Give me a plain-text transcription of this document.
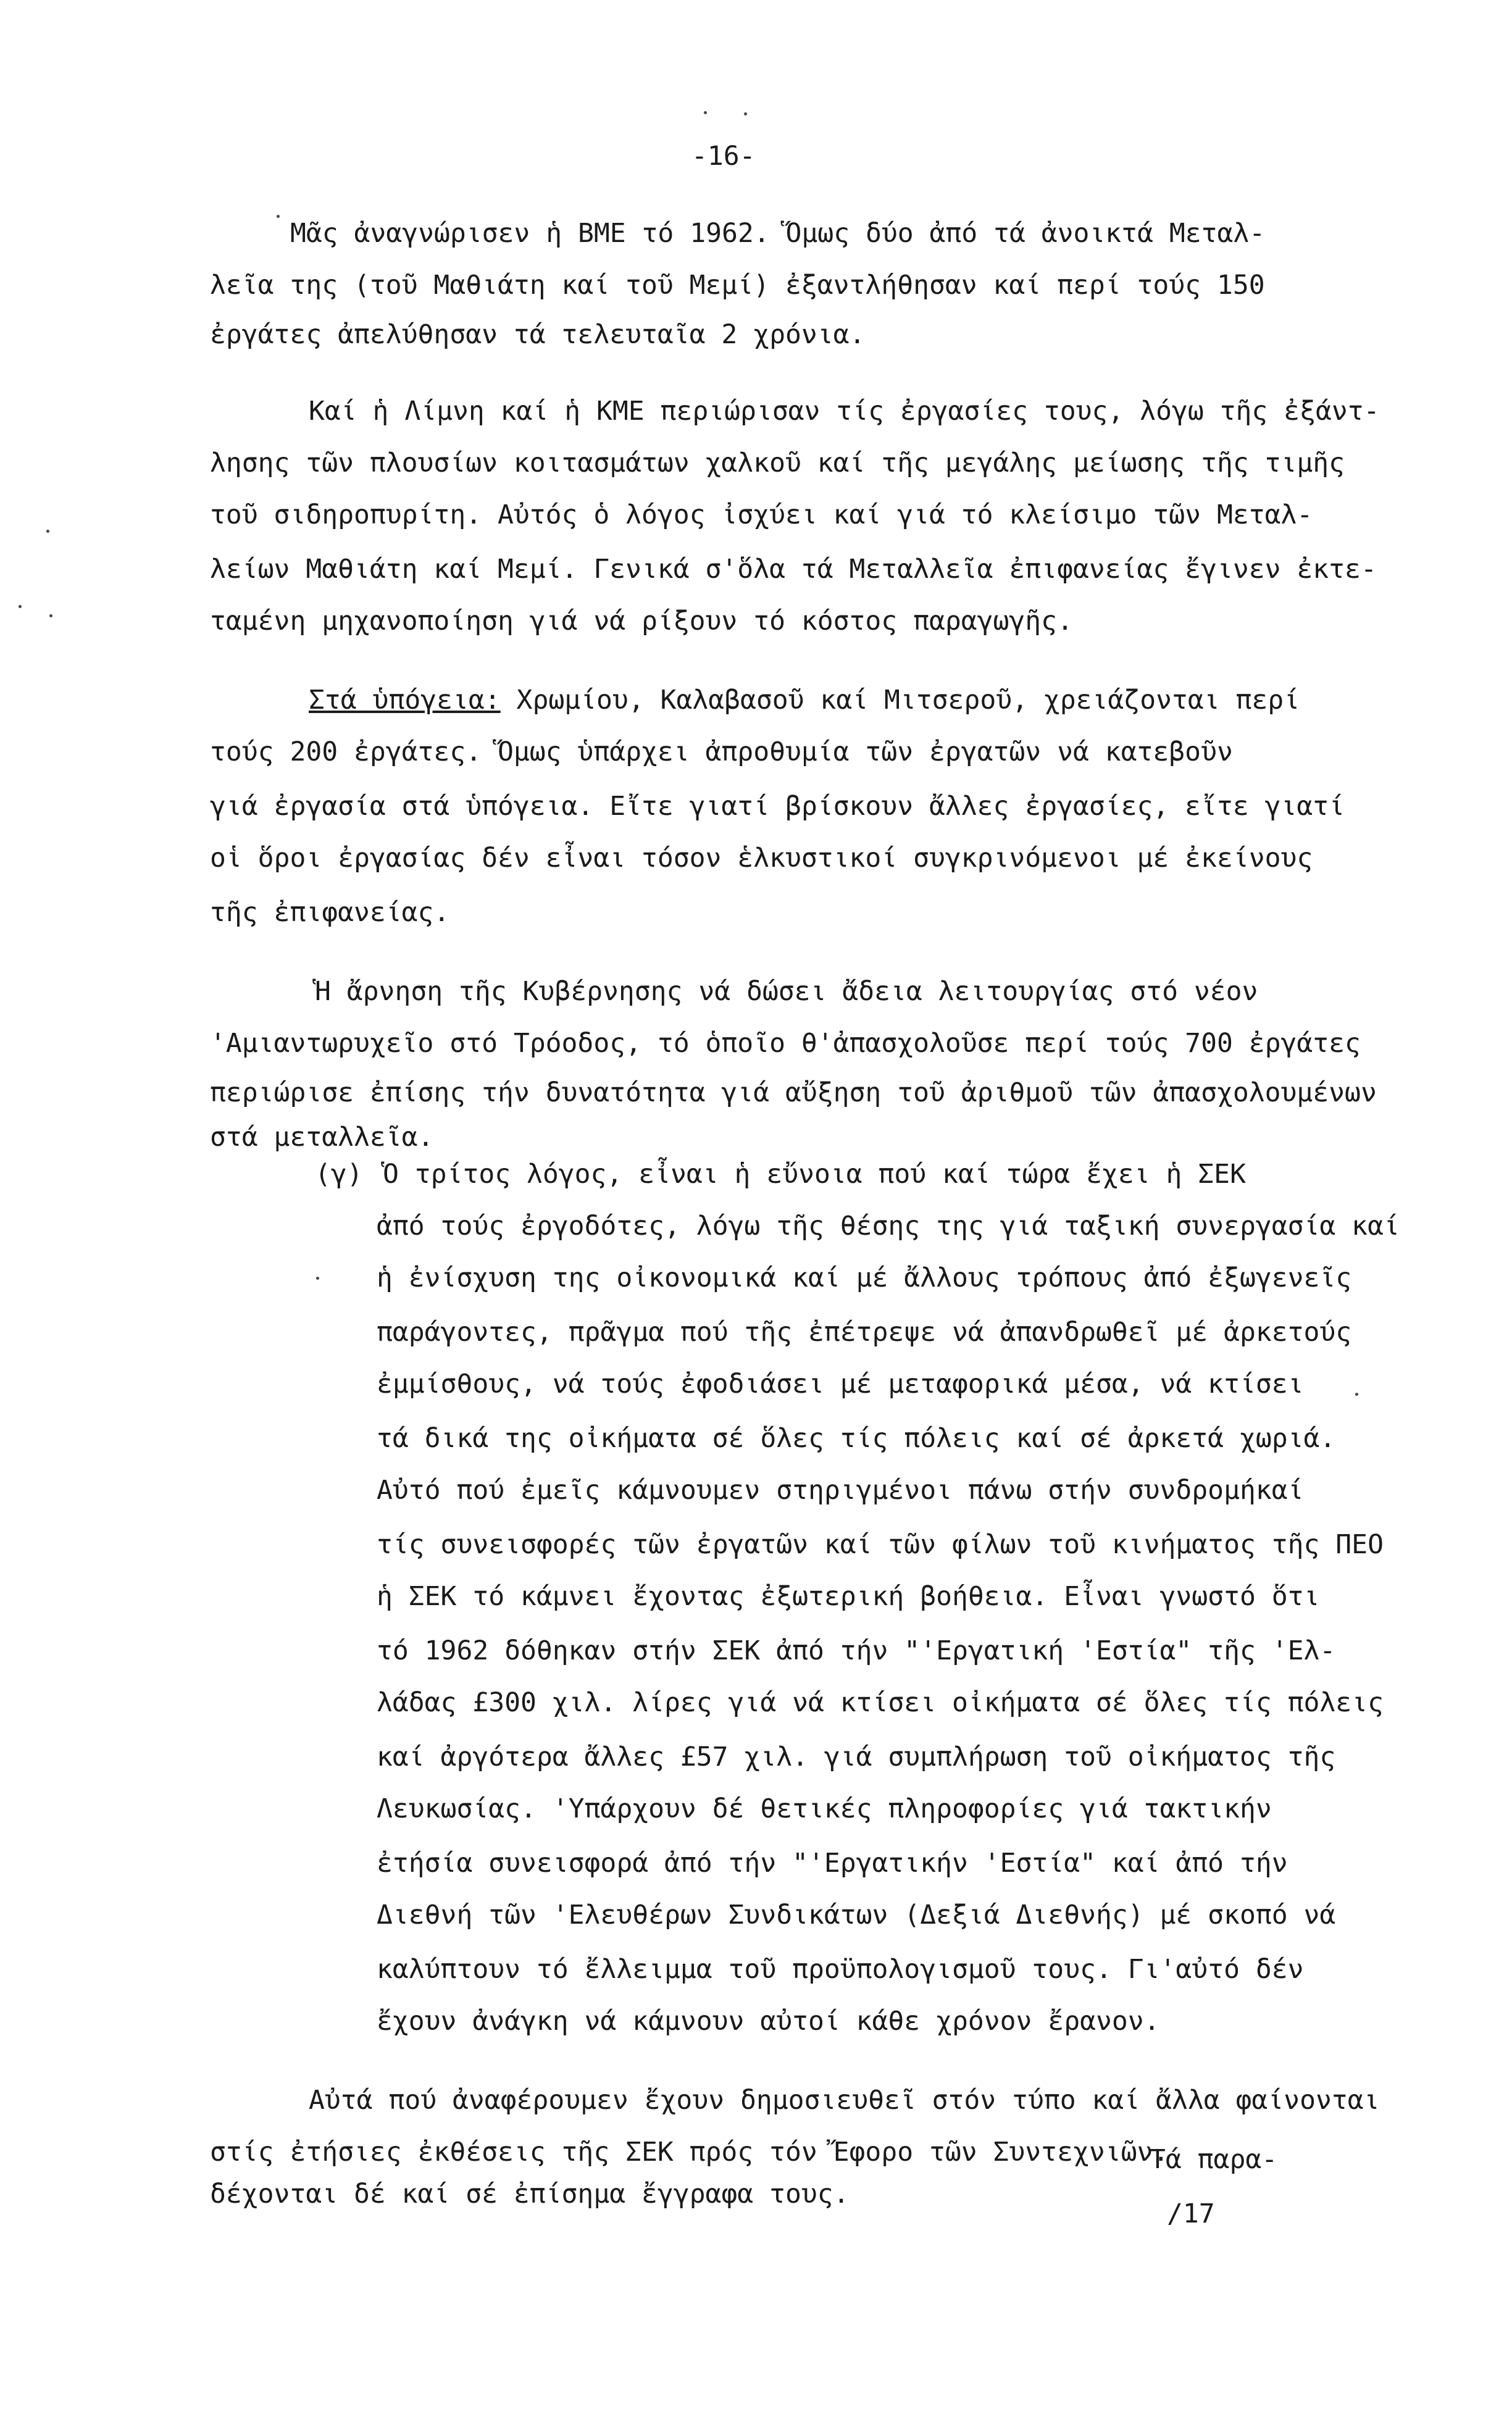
-16-
Μᾶς ἀναγνώρισεν ἡ ΒΜΕ τό 1962. Ὅμως δύο ἀπό τά ἀνοικτά Μεταλ-
λεῖα της (τοῦ Μαθιάτη καί τοῦ Μεμί) ἐξαντλήθησαν καί περί τούς 150
ἐργάτες ἀπελύθησαν τά τελευταῖα 2 χρόνια.
Καί ἡ Λίμνη καί ἡ ΚΜΕ περιώρισαν τίς ἐργασίες τους, λόγω τῆς ἐξάντ-
λησης τῶν πλουσίων κοιτασμάτων χαλκοῦ καί τῆς μεγάλης μείωσης τῆς τιμῆς
τοῦ σιδηροπυρίτη. Αὐτός ὁ λόγος ἰσχύει καί γιά τό κλείσιμο τῶν Μεταλ-
λείων Μαθιάτη καί Μεμί. Γενικά σ'ὅλα τά Μεταλλεῖα ἐπιφανείας ἔγινεν ἐκτε-
ταμένη μηχανοποίηση γιά νά ρίξουν τό κόστος παραγωγῆς.
Στά ὑπόγεια: Χρωμίου, Καλαβασοῦ καί Μιτσεροῦ, χρειάζονται περί
τούς 200 ἐργάτες. Ὅμως ὑπάρχει ἀπροθυμία τῶν ἐργατῶν νά κατεβοῦν
γιά ἐργασία στά ὑπόγεια. Εἴτε γιατί βρίσκουν ἄλλες ἐργασίες, εἴτε γιατί
οἱ ὅροι ἐργασίας δέν εἶναι τόσον ἑλκυστικοί συγκρινόμενοι μέ ἐκείνους
τῆς ἐπιφανείας.
Ἡ ἄρνηση τῆς Κυβέρνησης νά δώσει ἄδεια λειτουργίας στό νέον
'Αμιαντωρυχεῖο στό Τρόοδος, τό ὁποῖο θ'ἀπασχολοῦσε περί τούς 700 ἐργάτες
περιώρισε ἐπίσης τήν δυνατότητα γιά αὔξηση τοῦ ἀριθμοῦ τῶν ἀπασχολουμένων
στά μεταλλεῖα.
(γ) Ὁ τρίτος λόγος, εἶναι ἡ εὔνοια πού καί τώρα ἔχει ἡ ΣΕΚ
ἀπό τούς ἐργοδότες, λόγω τῆς θέσης της γιά ταξική συνεργασία καί
ἡ ἐνίσχυση της οἰκονομικά καί μέ ἄλλους τρόπους ἀπό ἐξωγενεῖς
παράγοντες, πρᾶγμα πού τῆς ἐπέτρεψε νά ἀπανδρωθεῖ μέ ἀρκετούς
ἐμμίσθους, νά τούς ἐφοδιάσει μέ μεταφορικά μέσα, νά κτίσει
τά δικά της οἰκήματα σέ ὅλες τίς πόλεις καί σέ ἀρκετά χωριά.
Αὐτό πού ἐμεῖς κάμνουμεν στηριγμένοι πάνω στήν συνδρομήκαί
τίς συνεισφορές τῶν ἐργατῶν καί τῶν φίλων τοῦ κινήματος τῆς ΠΕΟ
ἡ ΣΕΚ τό κάμνει ἔχοντας ἐξωτερική βοήθεια. Εἶναι γνωστό ὅτι
τό 1962 δόθηκαν στήν ΣΕΚ ἀπό τήν "'Εργατική 'Εστία" τῆς 'Ελ-
λάδας £300 χιλ. λίρες γιά νά κτίσει οἰκήματα σέ ὅλες τίς πόλεις
καί ἀργότερα ἄλλες £57 χιλ. γιά συμπλήρωση τοῦ οἰκήματος τῆς
Λευκωσίας. 'Υπάρχουν δέ θετικές πληροφορίες γιά τακτικήν
ἐτήσία συνεισφορά ἀπό τήν "'Εργατικήν 'Εστία" καί ἀπό τήν
Διεθνή τῶν 'Ελευθέρων Συνδικάτων (Δεξιά Διεθνής) μέ σκοπό νά
καλύπτουν τό ἔλλειμμα τοῦ προϋπολογισμοῦ τους. Γι'αὐτό δέν
ἔχουν ἀνάγκη νά κάμνουν αὐτοί κάθε χρόνον ἔρανον.
Αὐτά πού ἀναφέρουμεν ἔχουν δημοσιευθεῖ στόν τύπο καί ἄλλα φαίνονται
στίς ἐτήσιες ἐκθέσεις τῆς ΣΕΚ πρός τόν Ἔφορο τῶν Συντεχνιῶν.
Τά παρα-
δέχονται δέ καί σέ ἐπίσημα ἔγγραφα τους.
/17
